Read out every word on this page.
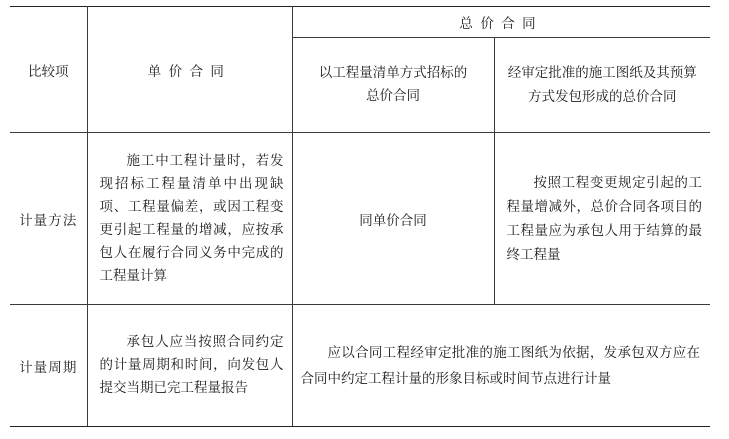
比较项	单价合同	总价合同	

		以工程量清单方式招标的总价合同	经审定批准的施工图纸及其预算方式发包形成的总价合同

计量方法	施工中工程计量时，若发现招标工程量清单中出现缺项、工程量偏差，或因工程变更引起工程量的增减，应按承包人在履行合同义务中完成的工程量计算	同单价合同	按照工程变更规定引起的工程量增减外，总价合同各项目的工程量应为承包人用于结算的最终工程量

计量周期	承包人应当按照合同约定的计量周期和时间，向发包人提交当期已完工程量报告	应以合同工程经审定批准的施工图纸为依据，发承包双方应在合同中约定工程计量的形象目标或时间节点进行计量	
